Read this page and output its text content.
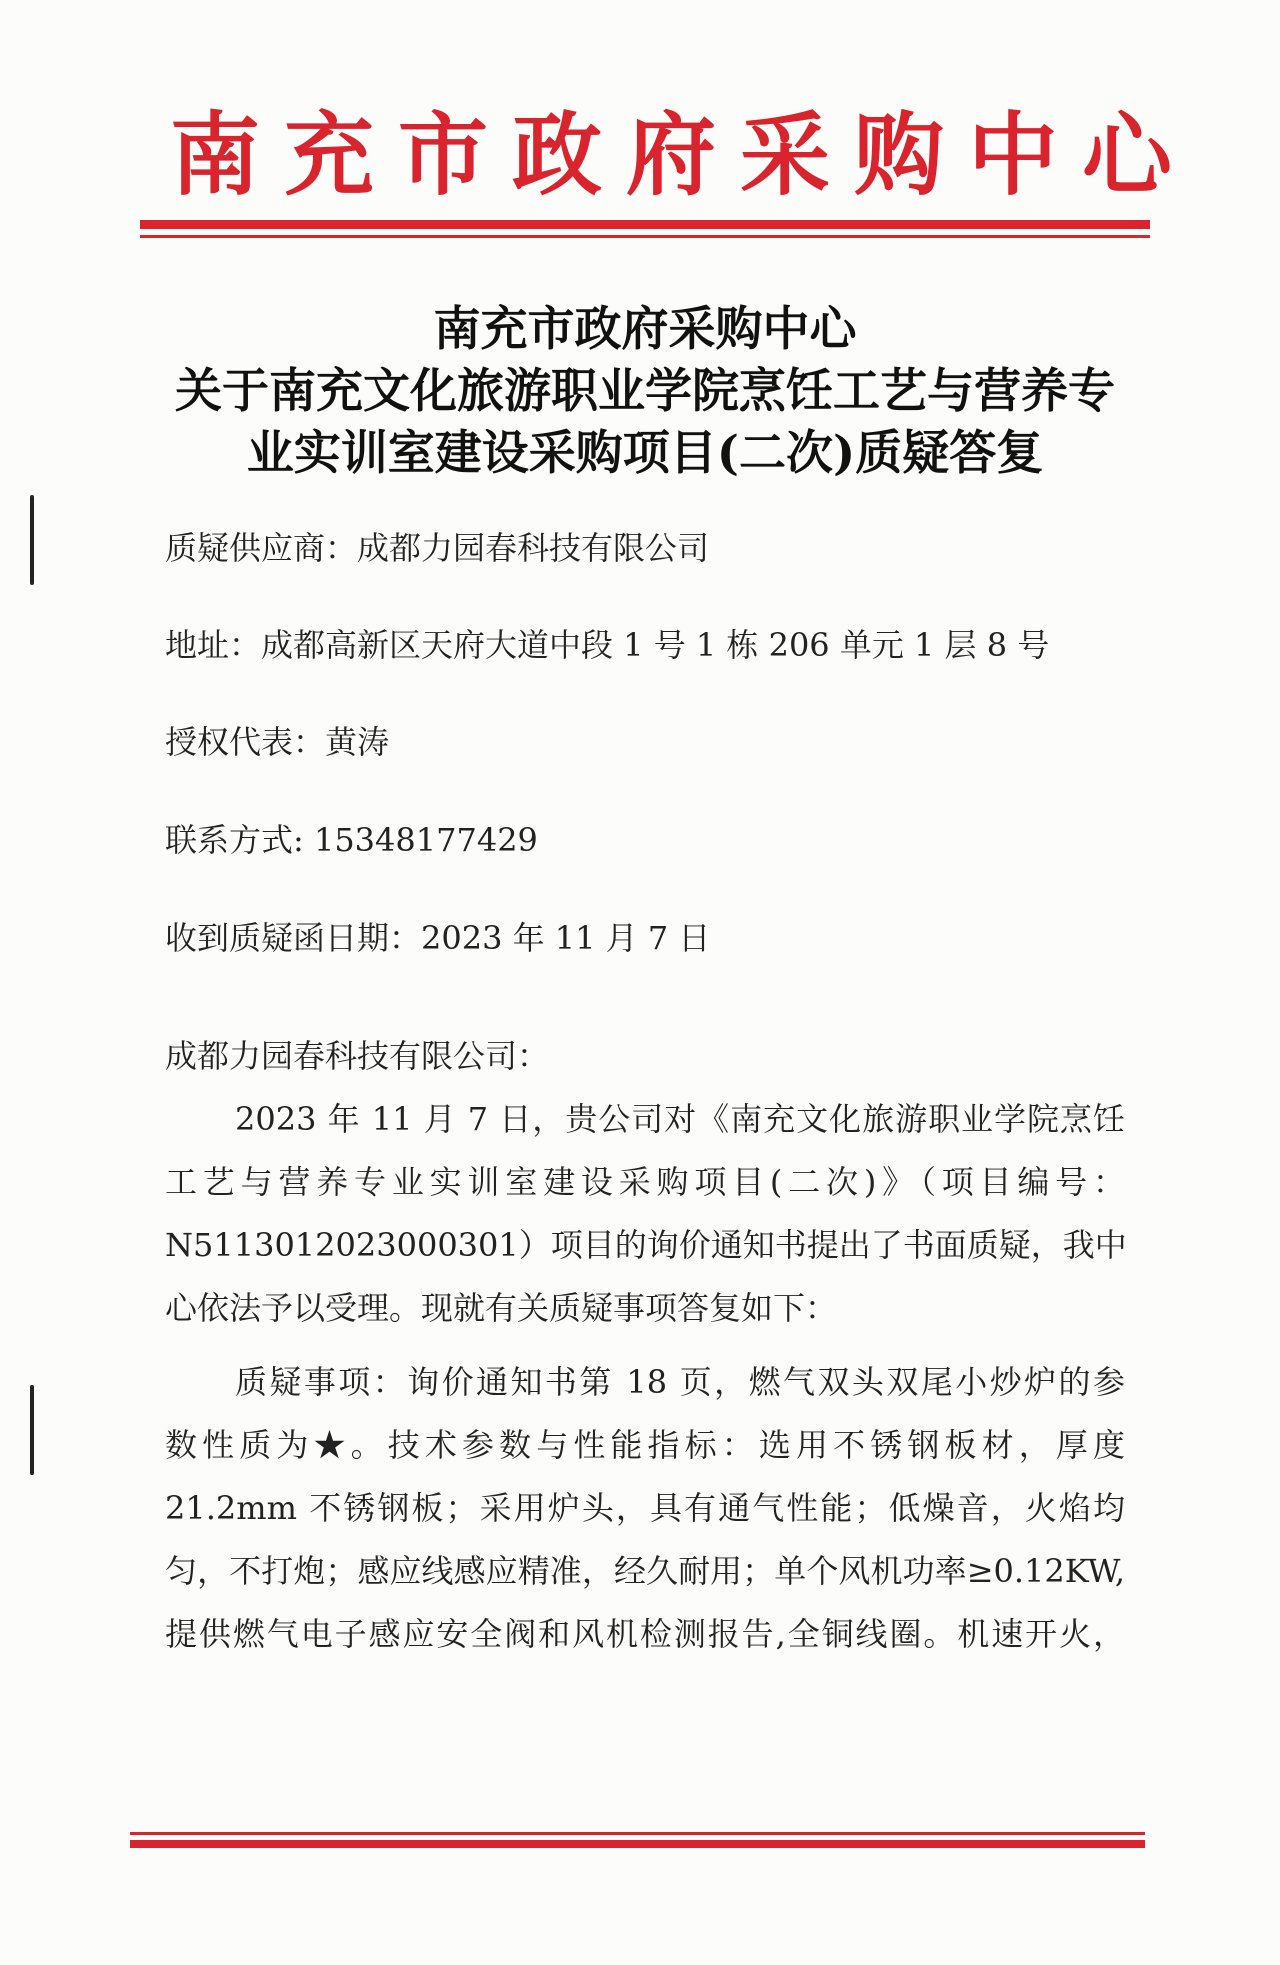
南充市政府采购中心
南充市政府采购中心
关于南充文化旅游职业学院烹饪工艺与营养专
业实训室建设采购项目(二次)质疑答复
质疑供应商：成都力园春科技有限公司
地址：成都高新区天府大道中段 1 号 1 栋 206 单元 1 层 8 号
授权代表：黄涛
联系方式: 15348177429
收到质疑函日期：2023 年 11 月 7 日
成都力园春科技有限公司：
2023 年 11 月 7 日，贵公司对《南充文化旅游职业学院烹饪
工艺与营养专业实训室建设采购项目(二次)》（项目编号：
N5113012023000301）项目的询价通知书提出了书面质疑，我中
心依法予以受理。现就有关质疑事项答复如下：
质疑事项：询价通知书第 18 页，燃气双头双尾小炒炉的参
数性质为★。技术参数与性能指标：选用不锈钢板材，厚度
21.2mm 不锈钢板；采用炉头，具有通气性能；低燥音，火焰均
匀，不打炮；感应线感应精准，经久耐用；单个风机功率≥0.12KW,
提供燃气电子感应安全阀和风机检测报告,全铜线圈。机速开火，
